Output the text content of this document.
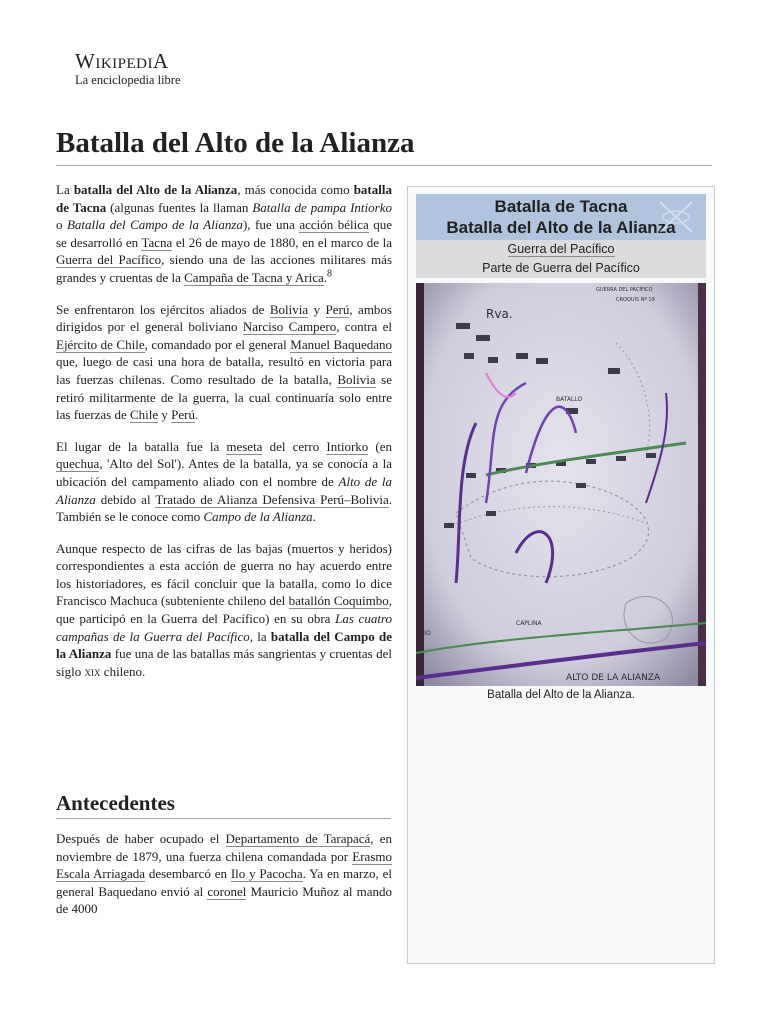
WikipediA
La enciclopedia libre
Batalla del Alto de la Alianza

La batalla del Alto de la Alianza, más conocida como batalla de Tacna (algunas fuentes la llaman Batalla de pampa Intiorko o Batalla del Campo de la Alianza), fue una acción bélica que se desarrolló en Tacna el 26 de mayo de 1880, en el marco de la Guerra del Pacífico, siendo una de las acciones militares más grandes y cruentas de la Campaña de Tacna y Arica.$^8$

Se enfrentaron los ejércitos aliados de Bolivia y Perú, ambos dirigidos por el general boliviano Narciso Campero, contra el Ejército de Chile, comandado por el general Manuel Baquedano que, luego de casi una hora de batalla, resultó en victoria para las fuerzas chilenas. Como resultado de la batalla, Bolivia se retiró militarmente de la guerra, la cual continuaría solo entre las fuerzas de Chile y Perú.

El lugar de la batalla fue la meseta del cerro Intiorko (en quechua, 'Alto del Sol'). Antes de la batalla, ya se conocía a la ubicación del campamento aliado con el nombre de Alto de la Alianza debido al Tratado de Alianza Defensiva Perú–Bolivia. También se le conoce como Campo de la Alianza.

Aunque respecto de las cifras de las bajas (muertos y heridos) correspondientes a esta acción de guerra no hay acuerdo entre los historiadores, es fácil concluir que la batalla, como lo dice Francisco Machuca (subteniente chileno del batallón Coquimbo, que participó en la Guerra del Pacífico) en su obra Las cuatro campañas de la Guerra del Pacífico, la batalla del Campo de la Alianza fue una de las batallas más sangrientas y cruentas del siglo xix chileno.

Antecedentes

Después de haber ocupado el Departamento de Tarapacá, en noviembre de 1879, una fuerza chilena comandada por Erasmo Escala Arriagada desembarcó en Ilo y Pacocha. Ya en marzo, el general Baquedano envió al coronel Mauricio Muñoz al mando de 4000

Batalla de Tacna
Batalla del Alto de la Alianza
Guerra del Pacífico
Parte de Guerra del Pacífico
Rva.
BATALLO
GUERRA DEL PACÍFICO
CROQUIS Nº 19
ALTO DE LA ALIANZA
RIO
CAPLINA
Batalla del Alto de la Alianza.
